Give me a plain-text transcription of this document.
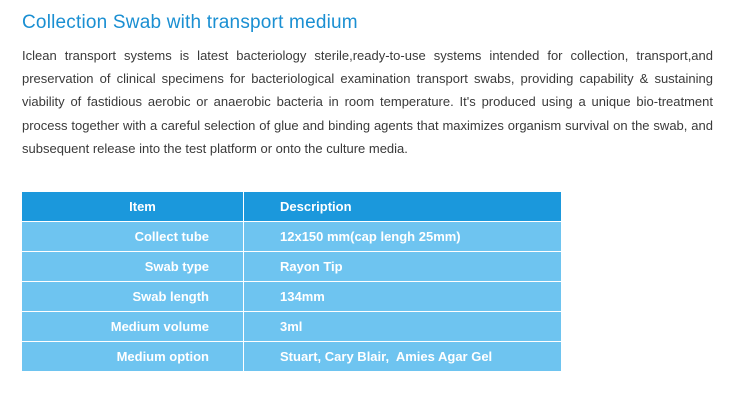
Collection Swab with transport medium

Iclean transport systems is latest bacteriology sterile,ready-to-use systems intended for collection, transport,and preservation of clinical specimens for bacteriological examination transport swabs, providing capability & sustaining viability of fastidious aerobic or anaerobic bacteria in room temperature. It's produced using a unique bio-treatment process together with a careful selection of glue and binding agents that maximizes organism survival on the swab, and subsequent release into the test platform or onto the culture media.

Item	Description
Collect tube	12x150 mm(cap lengh 25mm)
Swab type	Rayon Tip
Swab length	134mm
Medium volume	3ml
Medium option	Stuart, Cary Blair,  Amies Agar Gel
